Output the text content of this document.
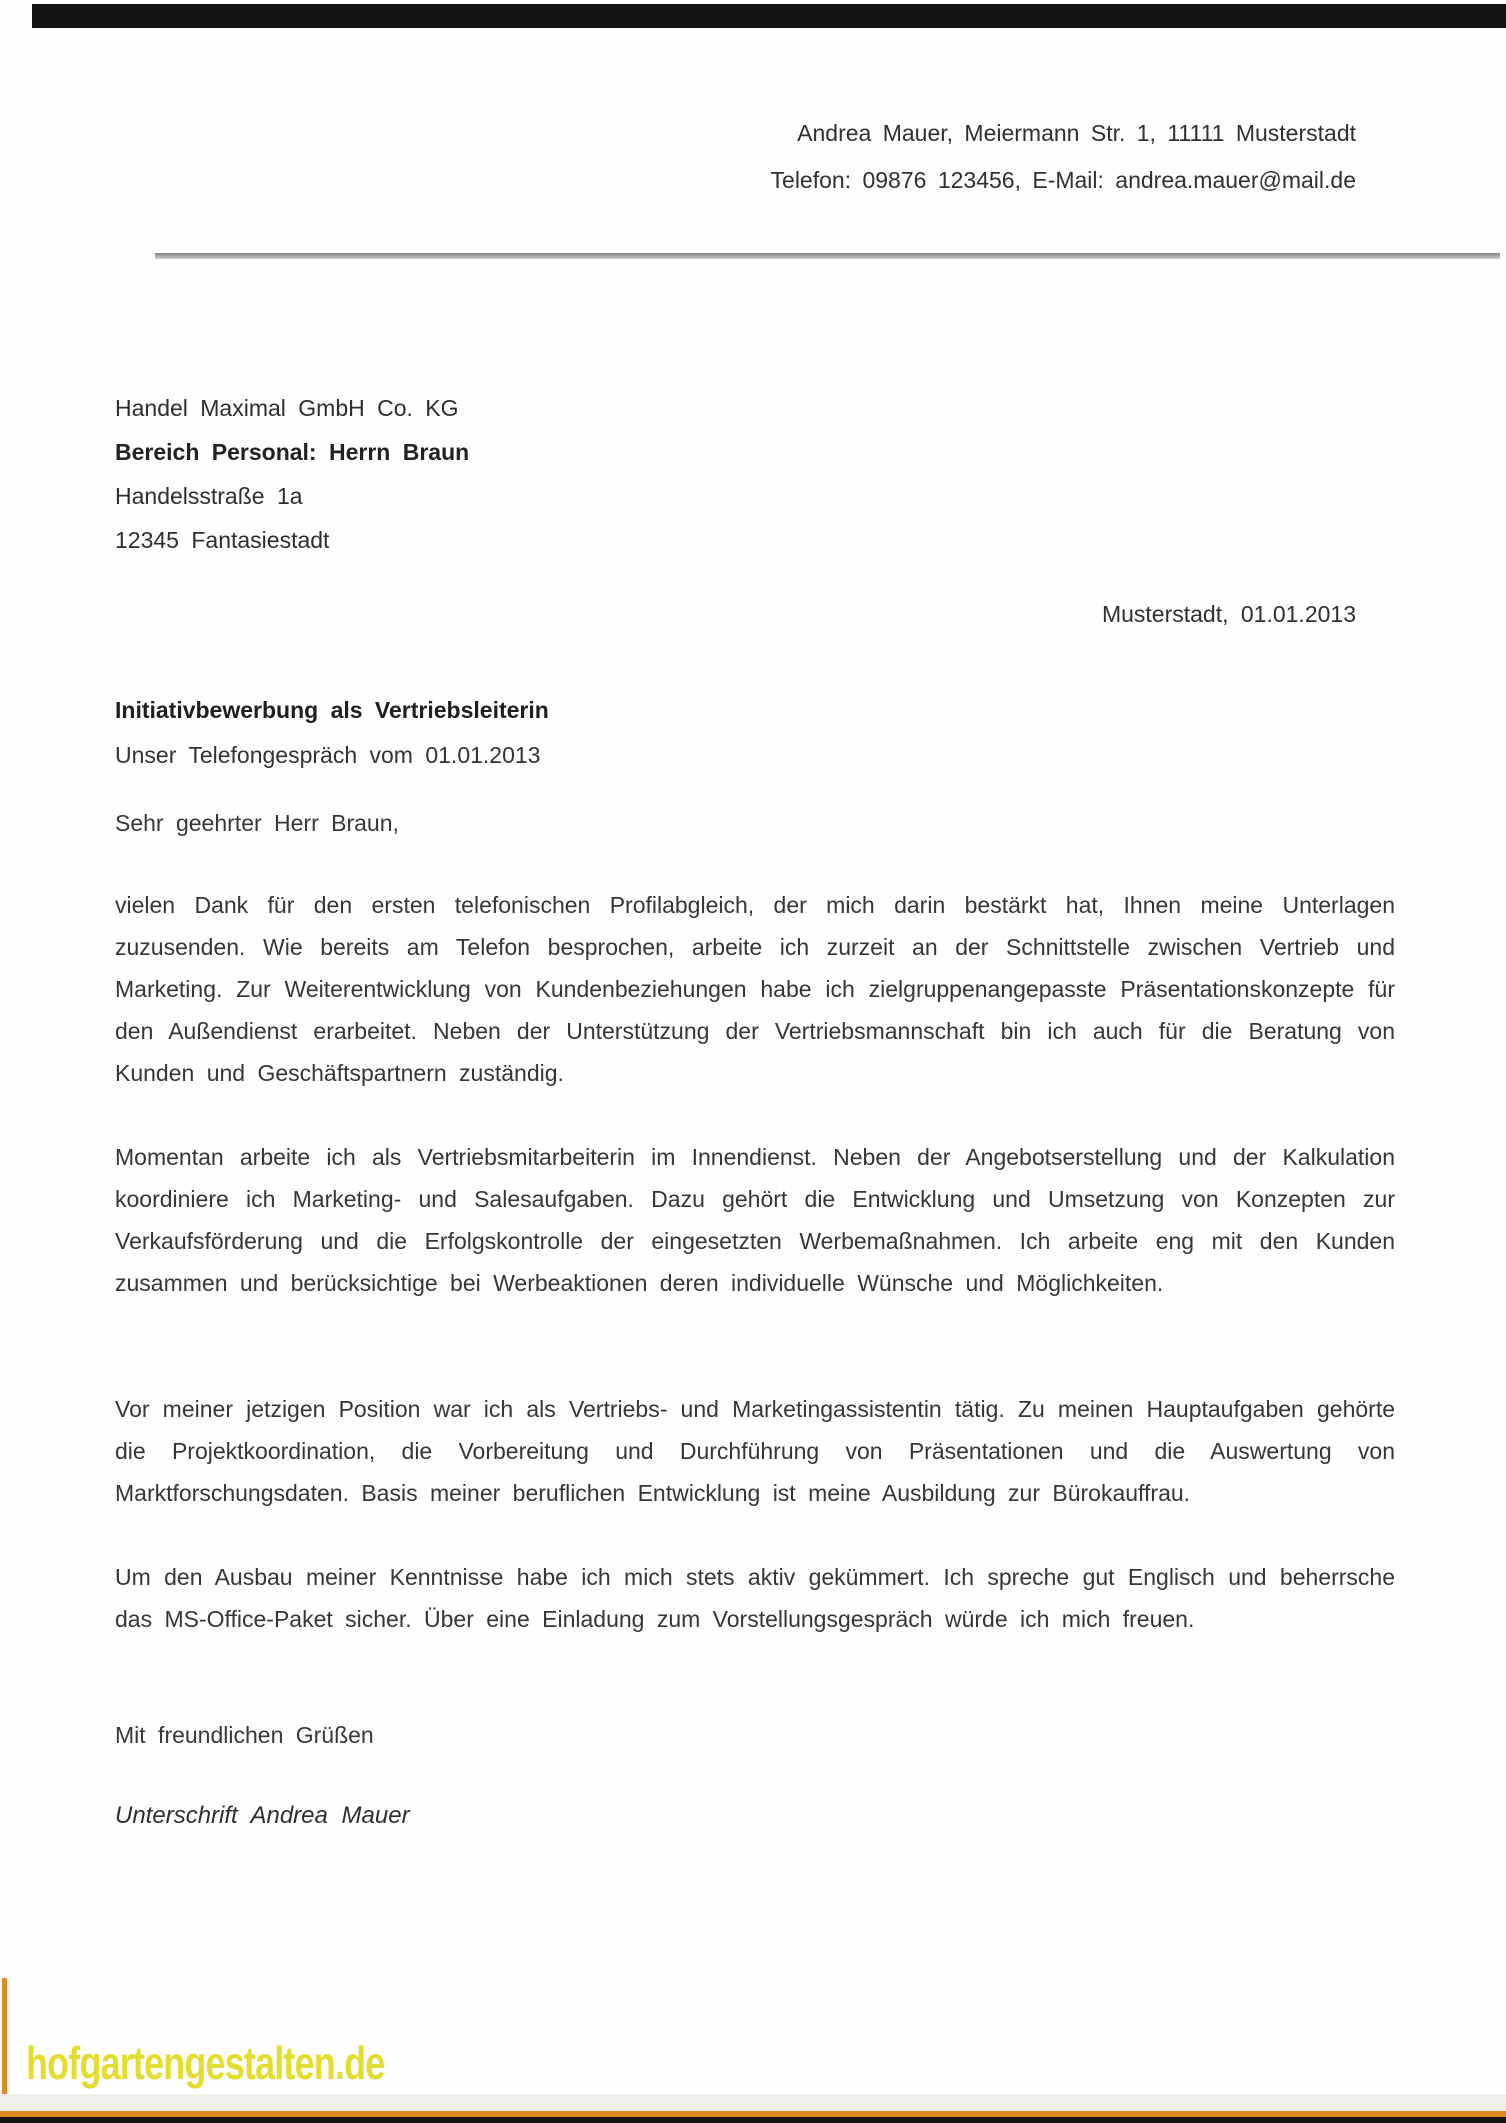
Andrea Mauer, Meiermann Str. 1, 11111 Musterstadt
Telefon: 09876 123456, E-Mail: andrea.mauer@mail.de
Handel Maximal GmbH Co. KG
Bereich Personal: Herrn Braun
Handelsstraße 1a
12345 Fantasiestadt
Musterstadt, 01.01.2013
Initiativbewerbung als Vertriebsleiterin
Unser Telefongespräch vom 01.01.2013
Sehr geehrter Herr Braun,
vielen Dank für den ersten telefonischen Profilabgleich, der mich darin bestärkt hat, Ihnen meine Unterlagen zuzusenden. Wie bereits am Telefon besprochen, arbeite ich zurzeit an der Schnittstelle zwischen Vertrieb und Marketing. Zur Weiterentwicklung von Kundenbeziehungen habe ich zielgruppenangepasste Präsentationskonzepte für den Außendienst erarbeitet. Neben der Unterstützung der Vertriebsmannschaft bin ich auch für die Beratung von Kunden und Geschäftspartnern zuständig.
Momentan arbeite ich als Vertriebsmitarbeiterin im Innendienst. Neben der Angebotserstellung und der Kalkulation koordiniere ich Marketing- und Salesaufgaben. Dazu gehört die Entwicklung und Umsetzung von Konzepten zur Verkaufsförderung und die Erfolgskontrolle der eingesetzten Werbemaßnahmen. Ich arbeite eng mit den Kunden zusammen und berücksichtige bei Werbeaktionen deren individuelle Wünsche und Möglichkeiten.
Vor meiner jetzigen Position war ich als Vertriebs- und Marketingassistentin tätig. Zu meinen Hauptaufgaben gehörte die Projektkoordination, die Vorbereitung und Durchführung von Präsentationen und die Auswertung von Marktforschungsdaten. Basis meiner beruflichen Entwicklung ist meine Ausbildung zur Bürokauffrau.
Um den Ausbau meiner Kenntnisse habe ich mich stets aktiv gekümmert. Ich spreche gut Englisch und beherrsche das MS-Office-Paket sicher. Über eine Einladung zum Vorstellungsgespräch würde ich mich freuen.
Mit freundlichen Grüßen
Unterschrift Andrea Mauer
hofgartengestalten.de
